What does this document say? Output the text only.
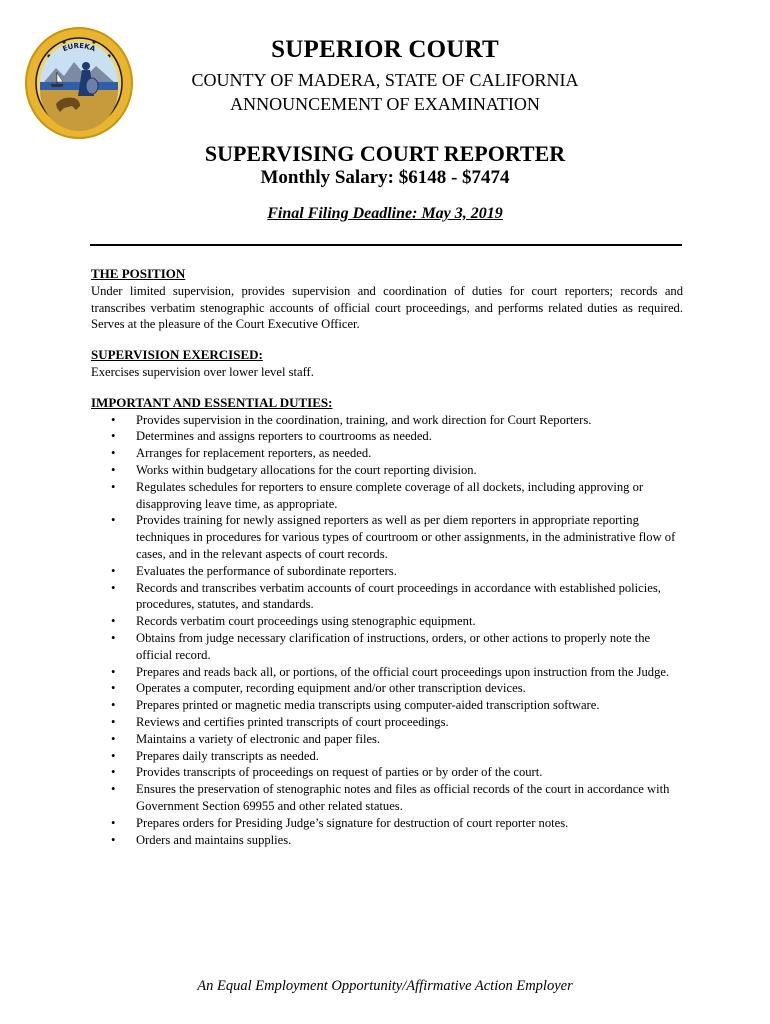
EUREKA	SUPERIOR COURT
COUNTY OF MADERA, STATE OF CALIFORNIA
ANNOUNCEMENT OF EXAMINATION
SUPERVISING COURT REPORTER
Monthly Salary: $6148 - $7474
Final Filing Deadline: May 3, 2019
THE POSITION

Under limited supervision, provides supervision and coordination of duties for court reporters; records and transcribes verbatim stenographic accounts of official court proceedings, and performs related duties as required. Serves at the pleasure of the Court Executive Officer.

SUPERVISION EXERCISED:

Exercises supervision over lower level staff.

IMPORTANT AND ESSENTIAL DUTIES:
• Provides supervision in the coordination, training, and work direction for Court Reporters.
• Determines and assigns reporters to courtrooms as needed.
• Arranges for replacement reporters, as needed.
• Works within budgetary allocations for the court reporting division.
• Regulates schedules for reporters to ensure complete coverage of all dockets, including approving or disapproving leave time, as appropriate.
• Provides training for newly assigned reporters as well as per diem reporters in appropriate reporting techniques in procedures for various types of courtroom or other assignments, in the administrative flow of cases, and in the relevant aspects of court records.
• Evaluates the performance of subordinate reporters.
• Records and transcribes verbatim accounts of court proceedings in accordance with established policies, procedures, statutes, and standards.
• Records verbatim court proceedings using stenographic equipment.
• Obtains from judge necessary clarification of instructions, orders, or other actions to properly note the official record.
• Prepares and reads back all, or portions, of the official court proceedings upon instruction from the Judge.
• Operates a computer, recording equipment and/or other transcription devices.
• Prepares printed or magnetic media transcripts using computer-aided transcription software.
• Reviews and certifies printed transcripts of court proceedings.
• Maintains a variety of electronic and paper files.
• Prepares daily transcripts as needed.
• Provides transcripts of proceedings on request of parties or by order of the court.
• Ensures the preservation of stenographic notes and files as official records of the court in accordance with Government Section 69955 and other related statues.
• Prepares orders for Presiding Judge’s signature for destruction of court reporter notes.
• Orders and maintains supplies.
An Equal Employment Opportunity/Affirmative Action Employer
